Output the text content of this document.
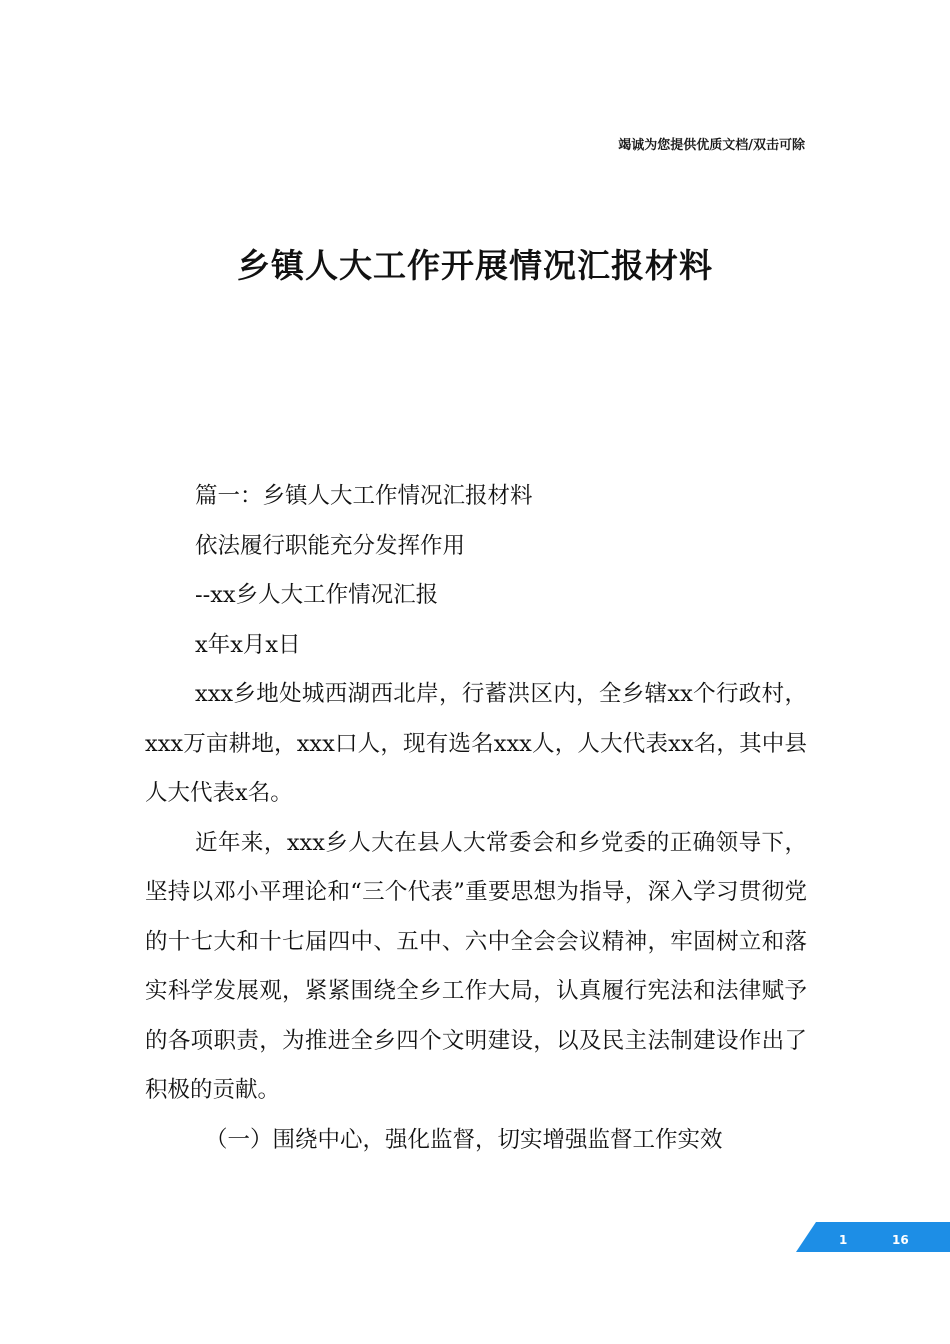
竭诚为您提供优质文档/双击可除
乡镇人大工作开展情况汇报材料

篇一：乡镇人大工作情况汇报材料

依法履行职能充分发挥作用

--xx乡人大工作情况汇报

x年x月x日

xxx乡地处城西湖西北岸，行蓄洪区内，全乡辖xx个行政村，xxx万亩耕地，xxx口人，现有选名xxx人，人大代表xx名，其中县人大代表x名。

近年来，xxx乡人大在县人大常委会和乡党委的正确领导下，坚持以邓小平理论和“三个代表”重要思想为指导，深入学习贯彻党的十七大和十七届四中、五中、六中全会会议精神，牢固树立和落实科学发展观，紧紧围绕全乡工作大局，认真履行宪法和法律赋予的各项职责，为推进全乡四个文明建设，以及民主法制建设作出了积极的贡献。

（一）围绕中心，强化监督，切实增强监督工作实效

1	16
